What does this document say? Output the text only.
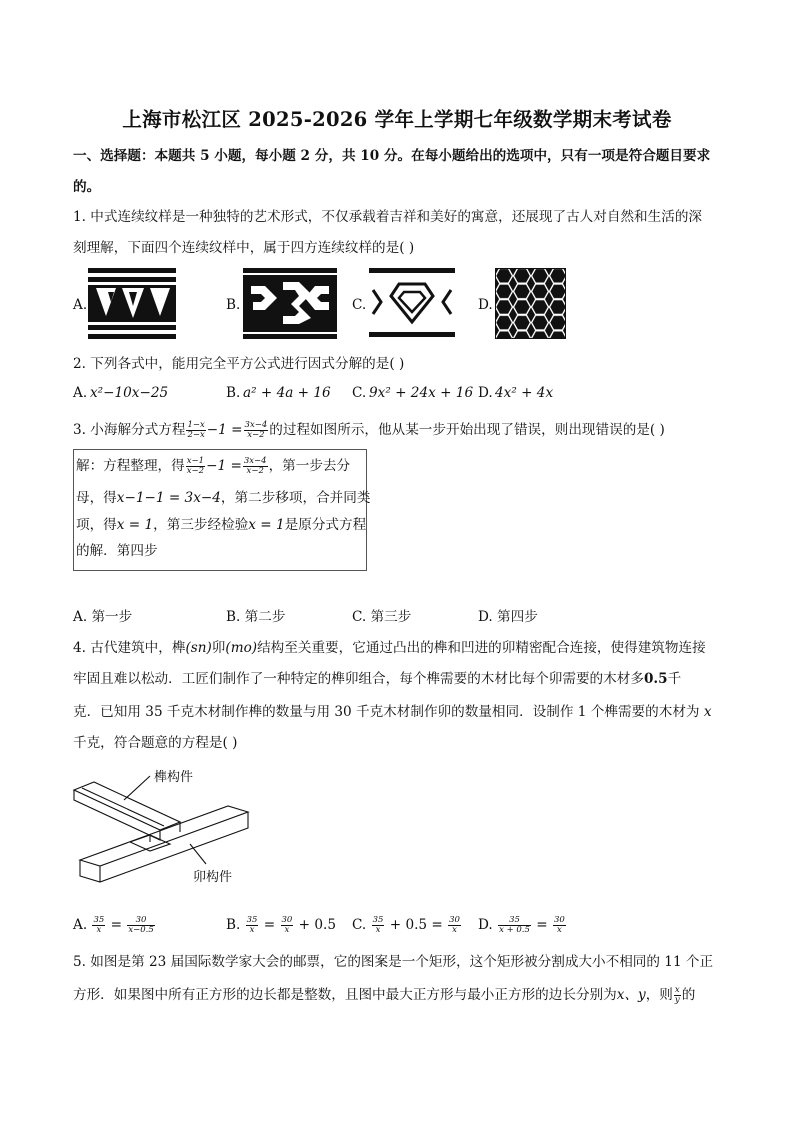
上海市松江区 2025-2026 学年上学期七年级数学期末考试卷
一、选择题：本题共 5 小题，每小题 2 分，共 10 分。在每小题给出的选项中，只有一项是符合题目要求
的。
1. 中式连续纹样是一种独特的艺术形式，不仅承载着吉祥和美好的寓意，还展现了古人对自然和生活的深
刻理解，下面四个连续纹样中，属于四方连续纹样的是( )
A.	B.	C.	D.
2. 下列各式中，能用完全平方公式进行因式分解的是( )
A. x²−10x−25	B. a² + 4a + 16 C. 9x² + 24x + 16 D. 4x² + 4x
3. 小海解分式方程 $\frac{1-x}{2-x} -1 = \frac{3x-4}{x-2}$ 的过程如图所示，他从某一步开始出现了错误，则出现错误的是( )
解：方程整理，得 $\frac{x-1}{x-2} -1 = \frac{3x-4}{x-2}$ ，第一步去分
母，得x−1−1 = 3x−4，第二步移项，合并同类
项，得x = 1，第三步经检验x = 1是原分式方程
的解．第四步
A. 第一步	B. 第二步	C. 第三步	D. 第四步
4. 古代建筑中，榫(sn)卯(mo)结构至关重要，它通过凸出的榫和凹进的卯精密配合连接，使得建筑物连接
牢固且难以松动．工匠们制作了一种特定的榫卯组合，每个榫需要的木材比每个卯需要的木材多0.5千
克．已知用 35 千克木材制作榫的数量与用 30 千克木材制作卯的数量相同．设制作 1 个榫需要的木材为 x
千克，符合题意的方程是( )
榫构件
卯构件
A. $\frac{35}{x} = \frac{30}{x-0.5}$	B. $\frac{35}{x} = \frac{30}{x} + 0.5$ C. $\frac{35}{x} + 0.5 = \frac{30}{x} D$. $\frac{35}{x + 0.5} = \frac{30}{x}$
5. 如图是第 23 届国际数学家大会的邮票，它的图案是一个矩形，这个矩形被分割成大小不相同的 11 个正
方形．如果图中所有正方形的边长都是整数，且图中最大正方形与最小正方形的边长分别为x、y，则 $\frac{x}{y}$ 的
